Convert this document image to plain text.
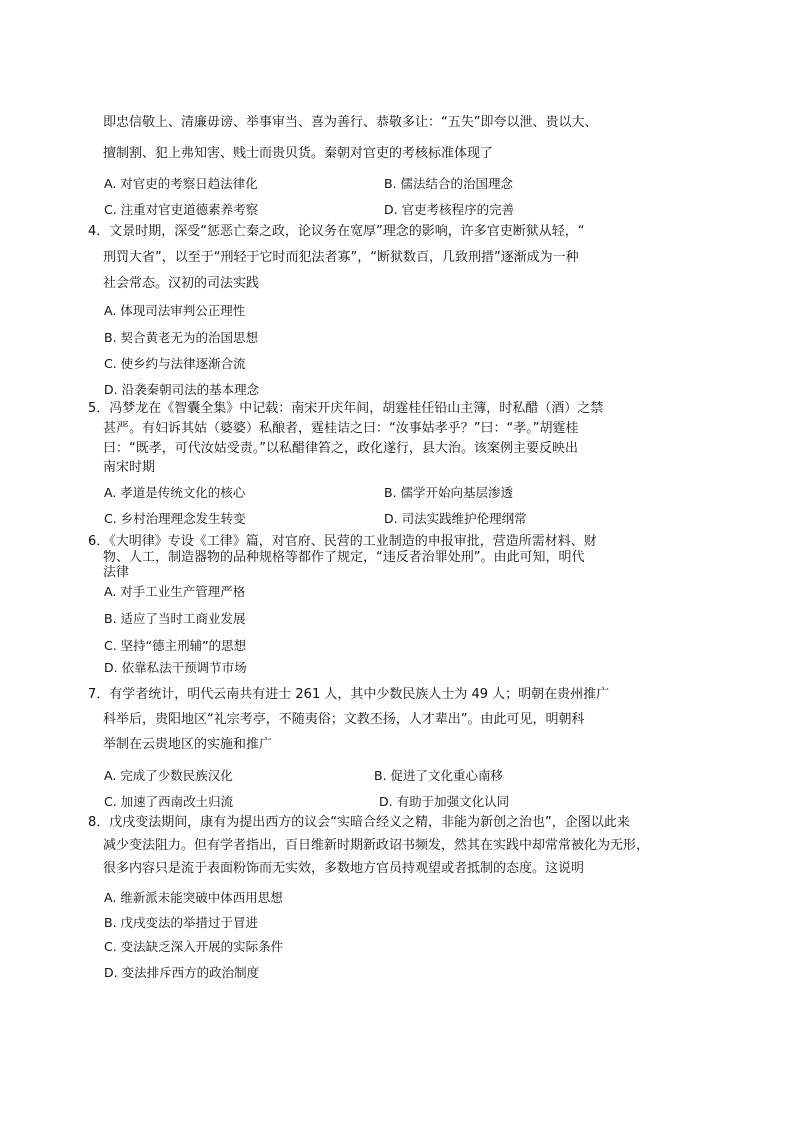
即忠信敬上、清廉毋谤、举事审当、喜为善行、恭敬多让：“五失”即夸以泄、贵以大、
擅制割、犯上弗知害、贱士而贵贝货。秦朝对官吏的考核标准体现了
A. 对官吏的考察日趋法律化	B. 儒法结合的治国理念
C. 注重对官吏道德素养考察	D. 官吏考核程序的完善
4．文景时期，深受“惩恶亡秦之政，论议务在宽厚”理念的影响，许多官吏断狱从轻，“
刑罚大省”，以至于“刑轻于它时而犯法者寡”，“断狱数百，几致刑措”逐渐成为一种
社会常态。汉初的司法实践
A. 体现司法审判公正理性
B. 契合黄老无为的治国思想
C. 使乡约与法律逐渐合流
D. 沿袭秦朝司法的基本理念
5．冯梦龙在《智囊全集》中记载：南宋开庆年间，胡霆桂任铅山主簿，时私醋（酒）之禁
甚严。有妇诉其姑（婆婆）私酿者，霆桂诘之曰：“汝事姑孝乎？”曰：“孝。”胡霆桂
曰：“既孝，可代汝姑受责。”以私醋律笞之，政化遂行，县大治。该案例主要反映出
南宋时期
A. 孝道是传统文化的核心	B. 儒学开始向基层渗透
C. 乡村治理理念发生转变	D. 司法实践维护伦理纲常
6．《大明律》专设《工律》篇，对官府、民营的工业制造的申报审批，营造所需材料、财
物、人工，制造器物的品种规格等都作了规定，“违反者治罪处刑”。由此可知，明代
法律
A. 对手工业生产管理严格
B. 适应了当时工商业发展
C. 坚持“德主刑辅”的思想
D. 依靠私法干预调节市场
7．有学者统计，明代云南共有进士 261 人，其中少数民族人士为 49 人；明朝在贵州推广
科举后，贵阳地区“礼宗考亭，不随夷俗；文教丕扬，人才辈出”。由此可见，明朝科
举制在云贵地区的实施和推广
A. 完成了少数民族汉化	B. 促进了文化重心南移
C. 加速了西南改土归流	D. 有助于加强文化认同
8．戊戌变法期间，康有为提出西方的议会“实暗合经义之精，非能为新创之治也”，企图以此来
减少变法阻力。但有学者指出，百日维新时期新政诏书频发，然其在实践中却常常被化为无形，
很多内容只是流于表面粉饰而无实效，多数地方官员持观望或者抵制的态度。这说明
A. 维新派未能突破中体西用思想
B. 戊戌变法的举措过于冒进
C. 变法缺乏深入开展的实际条件
D. 变法排斥西方的政治制度
